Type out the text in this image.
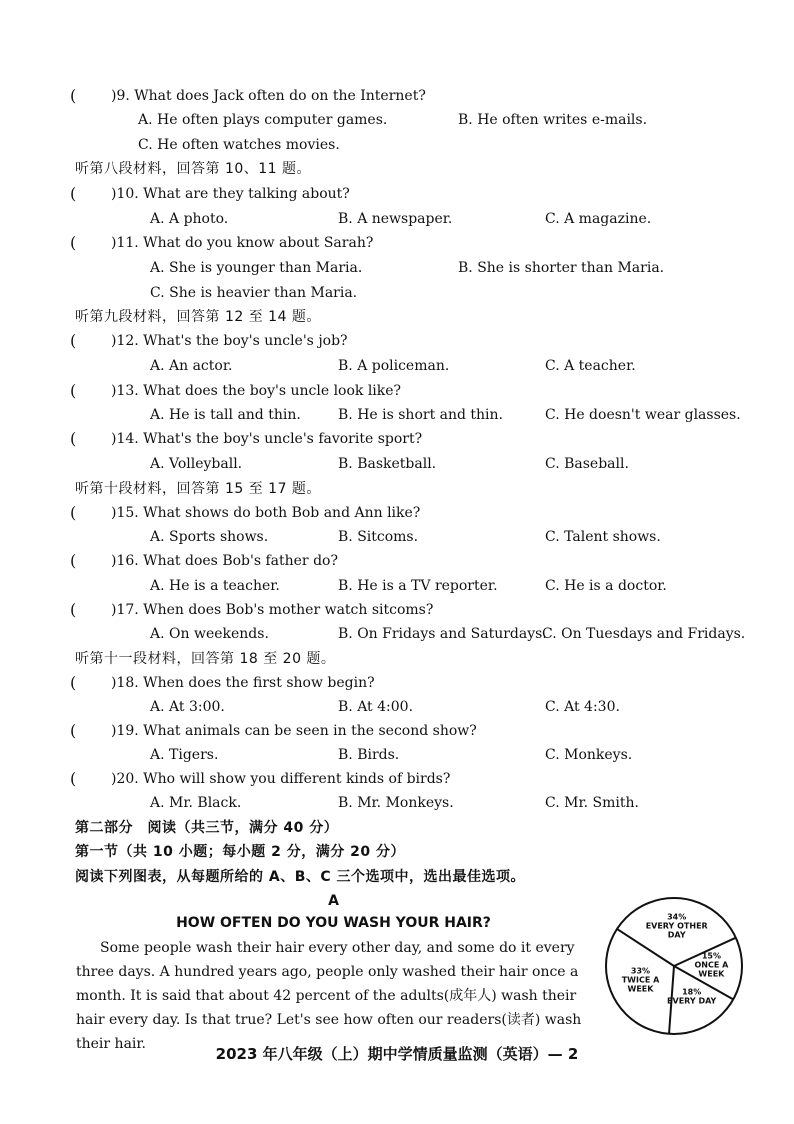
( )9. What does Jack often do on the Internet?
A. He often plays computer games.	B. He often writes e-mails.
C. He often watches movies.
听第八段材料，回答第 10、11 题。
( )10. What are they talking about?
A. A photo.	B. A newspaper.	C. A magazine.
( )11. What do you know about Sarah?
A. She is younger than Maria.	B. She is shorter than Maria.
C. She is heavier than Maria.
听第九段材料，回答第 12 至 14 题。
( )12. What's the boy's uncle's job?
A. An actor.	B. A policeman.	C. A teacher.
( )13. What does the boy's uncle look like?
A. He is tall and thin.	B. He is short and thin.	C. He doesn't wear glasses.
( )14. What's the boy's uncle's favorite sport?
A. Volleyball.	B. Basketball.	C. Baseball.
听第十段材料，回答第 15 至 17 题。
( )15. What shows do both Bob and Ann like?
A. Sports shows.	B. Sitcoms.	C. Talent shows.
( )16. What does Bob's father do?
A. He is a teacher.	B. He is a TV reporter.	C. He is a doctor.
( )17. When does Bob's mother watch sitcoms?
A. On weekends.	B. On Fridays and Saturdays.
C. On Tuesdays and Fridays.
听第十一段材料，回答第 18 至 20 题。
( )18. When does the first show begin?
A. At 3:00.	B. At 4:00.	C. At 4:30.
( )19. What animals can be seen in the second show?
A. Tigers.	B. Birds.	C. Monkeys.
( )20. Who will show you different kinds of birds?
A. Mr. Black.	B. Mr. Monkeys.	C. Mr. Smith.
第二部分　阅读（共三节，满分 40 分）
第一节（共 10 小题；每小题 2 分，满分 20 分）
阅读下列图表，从每题所给的 A、B、C 三个选项中，选出最佳选项。
A
HOW OFTEN DO YOU WASH YOUR HAIR?
Some people wash their hair every other day, and some do it every three days. A hundred years ago, people only washed their hair once a month. It is said that about 42 percent of the adults(成年人) wash their hair every day. Is that true? Let's see how often our readers(读者) wash their hair.
34%
EVERY OTHER
DAY
15%
ONCE A
WEEK
18%
EVERY DAY
33%
TWICE A
WEEK
2023 年八年级（上）期中学情质量监测（英语）— 2
